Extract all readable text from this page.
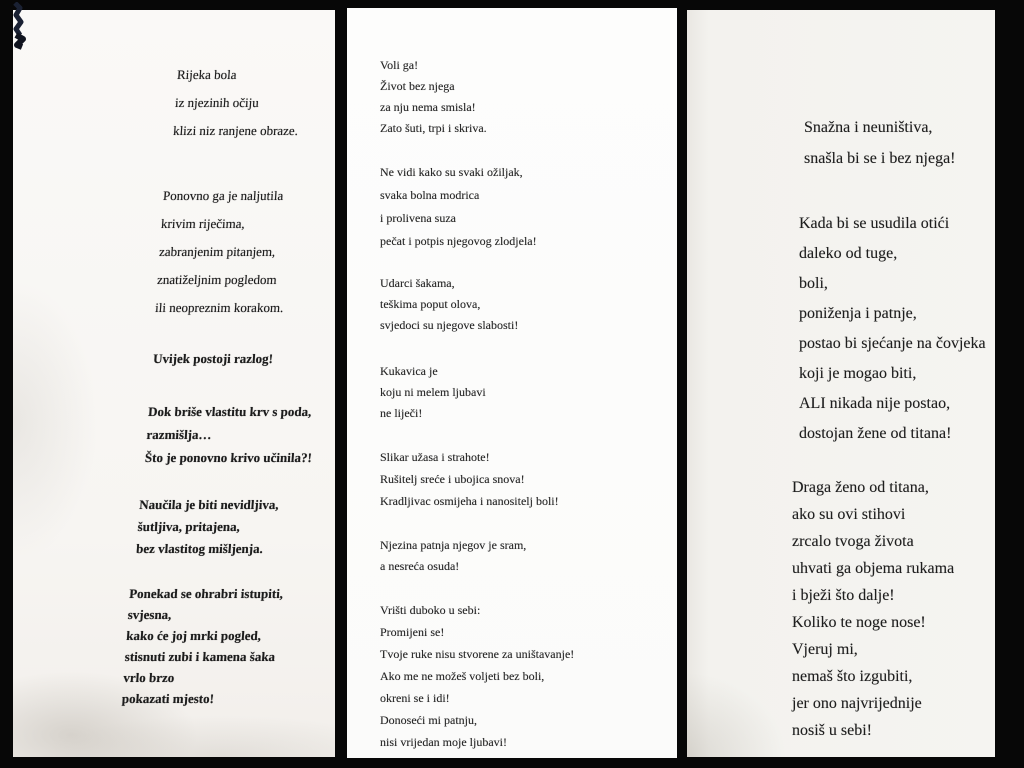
Rijeka bola
iz njezinih očiju
klizi niz ranjene obraze.
Ponovno ga je naljutila
krivim riječima,
zabranjenim pitanjem,
znatiželjnim pogledom
ili neopreznim korakom.
Uvijek postoji razlog!
Dok briše vlastitu krv s poda,
razmišlja…
Što je ponovno krivo učinila?!
Naučila je biti nevidljiva,
šutljiva, pritajena,
bez vlastitog mišljenja.
Ponekad se ohrabri istupiti,
svjesna,
kako će joj mrki pogled,
stisnuti zubi i kamena šaka
vrlo brzo
pokazati mjesto!
Voli ga!
Život bez njega
za nju nema smisla!
Zato šuti, trpi i skriva.
Ne vidi kako su svaki ožiljak,
svaka bolna modrica
i prolivena suza
pečat i potpis njegovog zlodjela!
Udarci šakama,
teškima poput olova,
svjedoci su njegove slabosti!
Kukavica je
koju ni melem ljubavi
ne liječi!
Slikar užasa i strahote!
Rušitelj sreće i ubojica snova!
Kradljivac osmijeha i nanositelj boli!
Njezina patnja njegov je sram,
a nesreća osuda!
Vrišti duboko u sebi:
Promijeni se!
Tvoje ruke nisu stvorene za uništavanje!
Ako me ne možeš voljeti bez boli,
okreni se i idi!
Donoseći mi patnju,
nisi vrijedan moje ljubavi!
Snažna i neuništiva,
snašla bi se i bez njega!
Kada bi se usudila otići
daleko od tuge,
boli,
poniženja i patnje,
postao bi sjećanje na čovjeka
koji je mogao biti,
ALI nikada nije postao,
dostojan žene od titana!
Draga ženo od titana,
ako su ovi stihovi
zrcalo tvoga života
uhvati ga objema rukama
i bježi što dalje!
Koliko te noge nose!
Vjeruj mi,
nemaš što izgubiti,
jer ono najvrijednije
nosiš u sebi!
